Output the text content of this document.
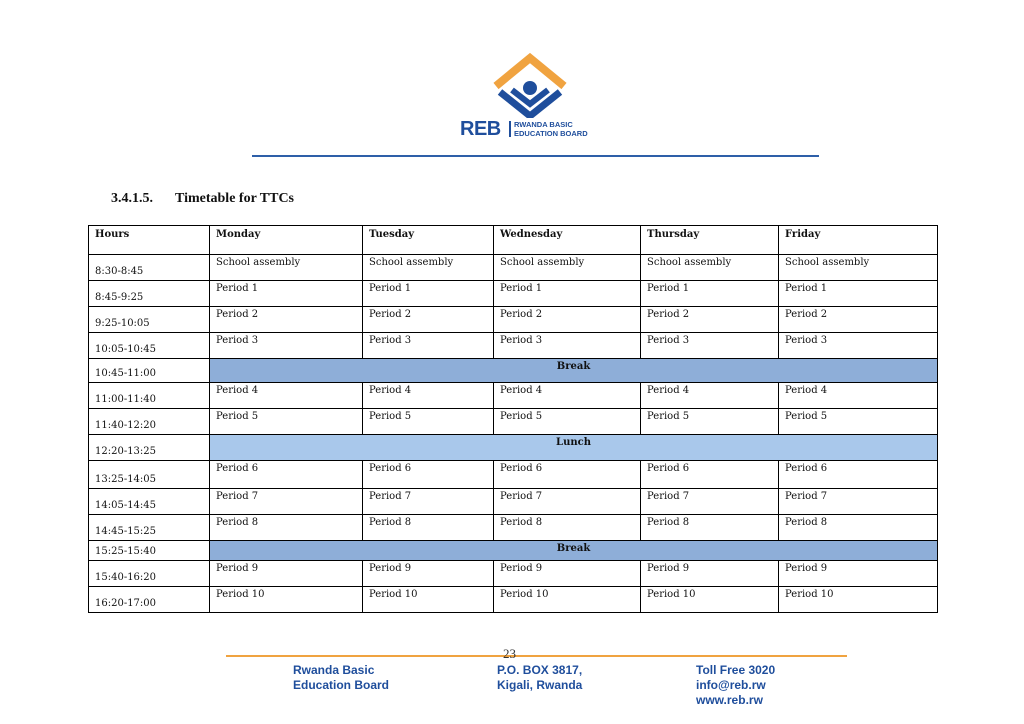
REB RWANDA BASIC
EDUCATION BOARD
3.4.1.5. Timetable for TTCs
Hours	Monday	Tuesday	Wednesday	Thursday	Friday
8:30-8:45	School assembly	School assembly	School assembly	School assembly	School assembly
8:45-9:25	Period 1	Period 1	Period 1	Period 1	Period 1
9:25-10:05	Period 2	Period 2	Period 2	Period 2	Period 2
10:05-10:45	Period 3	Period 3	Period 3	Period 3	Period 3
10:45-11:00	Break				
11:00-11:40	Period 4	Period 4	Period 4	Period 4	Period 4
11:40-12:20	Period 5	Period 5	Period 5	Period 5	Period 5
12:20-13:25	Lunch				
13:25-14:05	Period 6	Period 6	Period 6	Period 6	Period 6
14:05-14:45	Period 7	Period 7	Period 7	Period 7	Period 7
14:45-15:25	Period 8	Period 8	Period 8	Period 8	Period 8
15:25-15:40	Break				
15:40-16:20	Period 9	Period 9	Period 9	Period 9	Period 9
16:20-17:00	Period 10	Period 10	Period 10	Period 10	Period 10
23
Rwanda Basic
Education Board
P.O. BOX 3817,
Kigali, Rwanda
Toll Free 3020
info@reb.rw
www.reb.rw
